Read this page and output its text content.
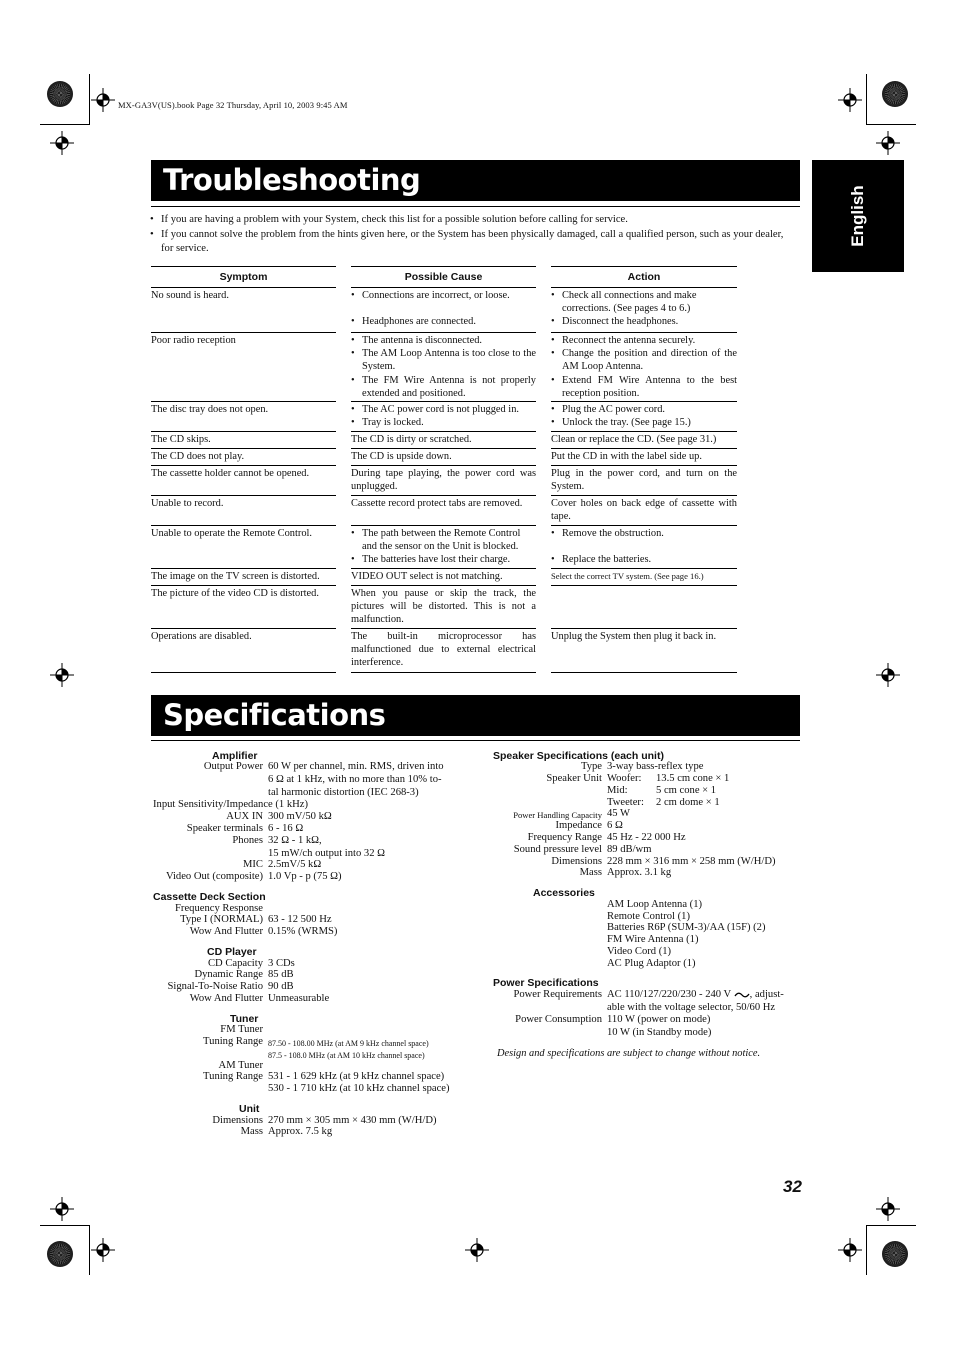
MX-GA3V(US).book Page 32 Thursday, April 10, 2003 9:45 AM
English
Troubleshooting
• If you are having a problem with your System, check this list for a possible solution before calling for service.
• If you cannot solve the problem from the hints given here, or the System has been physically damaged, call a qualified person, such as your dealer, for service.
Symptom
No sound is heard.
Poor radio reception
The disc tray does not open.
The CD skips.
The CD does not play.
The cassette holder cannot be opened.
Unable to record.
Unable to operate the Remote Control.
The image on the TV screen is distorted.
The picture of the video CD is distorted.
Operations are disabled.
Possible Cause
• Connections are incorrect, or loose.
• Headphones are connected.
• The antenna is disconnected.
• The AM Loop Antenna is too close to the System.
• The FM Wire Antenna is not properly extended and positioned.
• The AC power cord is not plugged in.
• Tray is locked.
The CD is dirty or scratched.
The CD is upside down.
During tape playing, the power cord was unplugged.
Cassette record protect tabs are removed.
• The path between the Remote Control and the sensor on the Unit is blocked.
• The batteries have lost their charge.
VIDEO OUT select is not matching.
When you pause or skip the track, the pictures will be distorted. This is not a malfunction.
The built-in microprocessor has malfunctioned due to external electrical interference.
Action
• Check all connections and make corrections. (See pages 4 to 6.)
• Disconnect the headphones.
• Reconnect the antenna securely.
• Change the position and direction of the AM Loop Antenna.
• Extend FM Wire Antenna to the best reception position.
• Plug the AC power cord.
• Unlock the tray. (See page 15.)
Clean or replace the CD. (See page 31.)
Put the CD in with the label side up.
Plug in the power cord, and turn on the System.
Cover holes on back edge of cassette with tape.
• Remove the obstruction.
• Replace the batteries.
Select the correct TV system. (See page 16.)
Unplug the System then plug it back in.
Specifications
Amplifier
Output Power 60 W per channel, min. RMS, driven into
6 Ω at 1 kHz, with no more than 10% to-
tal harmonic distortion (IEC 268-3)
Input Sensitivity/Impedance (1 kHz)
AUX IN 300 mV/50 kΩ
Speaker terminals 6 - 16 Ω
Phones 32 Ω - 1 kΩ,
15 mW/ch output into 32 Ω
MIC 2.5mV/5 kΩ
Video Out (composite) 1.0 Vp - p (75 Ω)
Cassette Deck Section
Frequency Response
Type I (NORMAL) 63 - 12 500 Hz
Wow And Flutter 0.15% (WRMS)
CD Player
CD Capacity 3 CDs
Dynamic Range 85 dB
Signal-To-Noise Ratio 90 dB
Wow And Flutter Unmeasurable
Tuner
FM Tuner
Tuning Range 87.50 - 108.00 MHz (at AM 9 kHz channel space)
87.5 - 108.0 MHz (at AM 10 kHz channel space)
AM Tuner
Tuning Range 531 - 1 629 kHz (at 9 kHz channel space)
530 - 1 710 kHz (at 10 kHz channel space)
Unit
Dimensions 270 mm × 305 mm × 430 mm (W/H/D)
Mass Approx. 7.5 kg
Speaker Specifications (each unit)
Type 3-way bass-reflex type
Speaker Unit Woofer: 13.5 cm cone × 1
Mid:	5 cm cone × 1
Tweeter: 2 cm dome × 1
Power Handling Capacity 45 W
Impedance 6 Ω
Frequency Range 45 Hz - 22 000 Hz
Sound pressure level 89 dB/wm
Dimensions 228 mm × 316 mm × 258 mm (W/H/D)
Mass Approx. 3.1 kg
Accessories
AM Loop Antenna (1)
Remote Control (1)
Batteries R6P (SUM-3)/AA (15F) (2)
FM Wire Antenna (1)
Video Cord (1)
AC Plug Adaptor (1)
Power Specifications
Power Requirements AC 110/127/220/230 - 240 V , adjust-
able with the voltage selector, 50/60 Hz
Power Consumption 110 W (power on mode)
10 W (in Standby mode)
Design and specifications are subject to change without notice.
32
